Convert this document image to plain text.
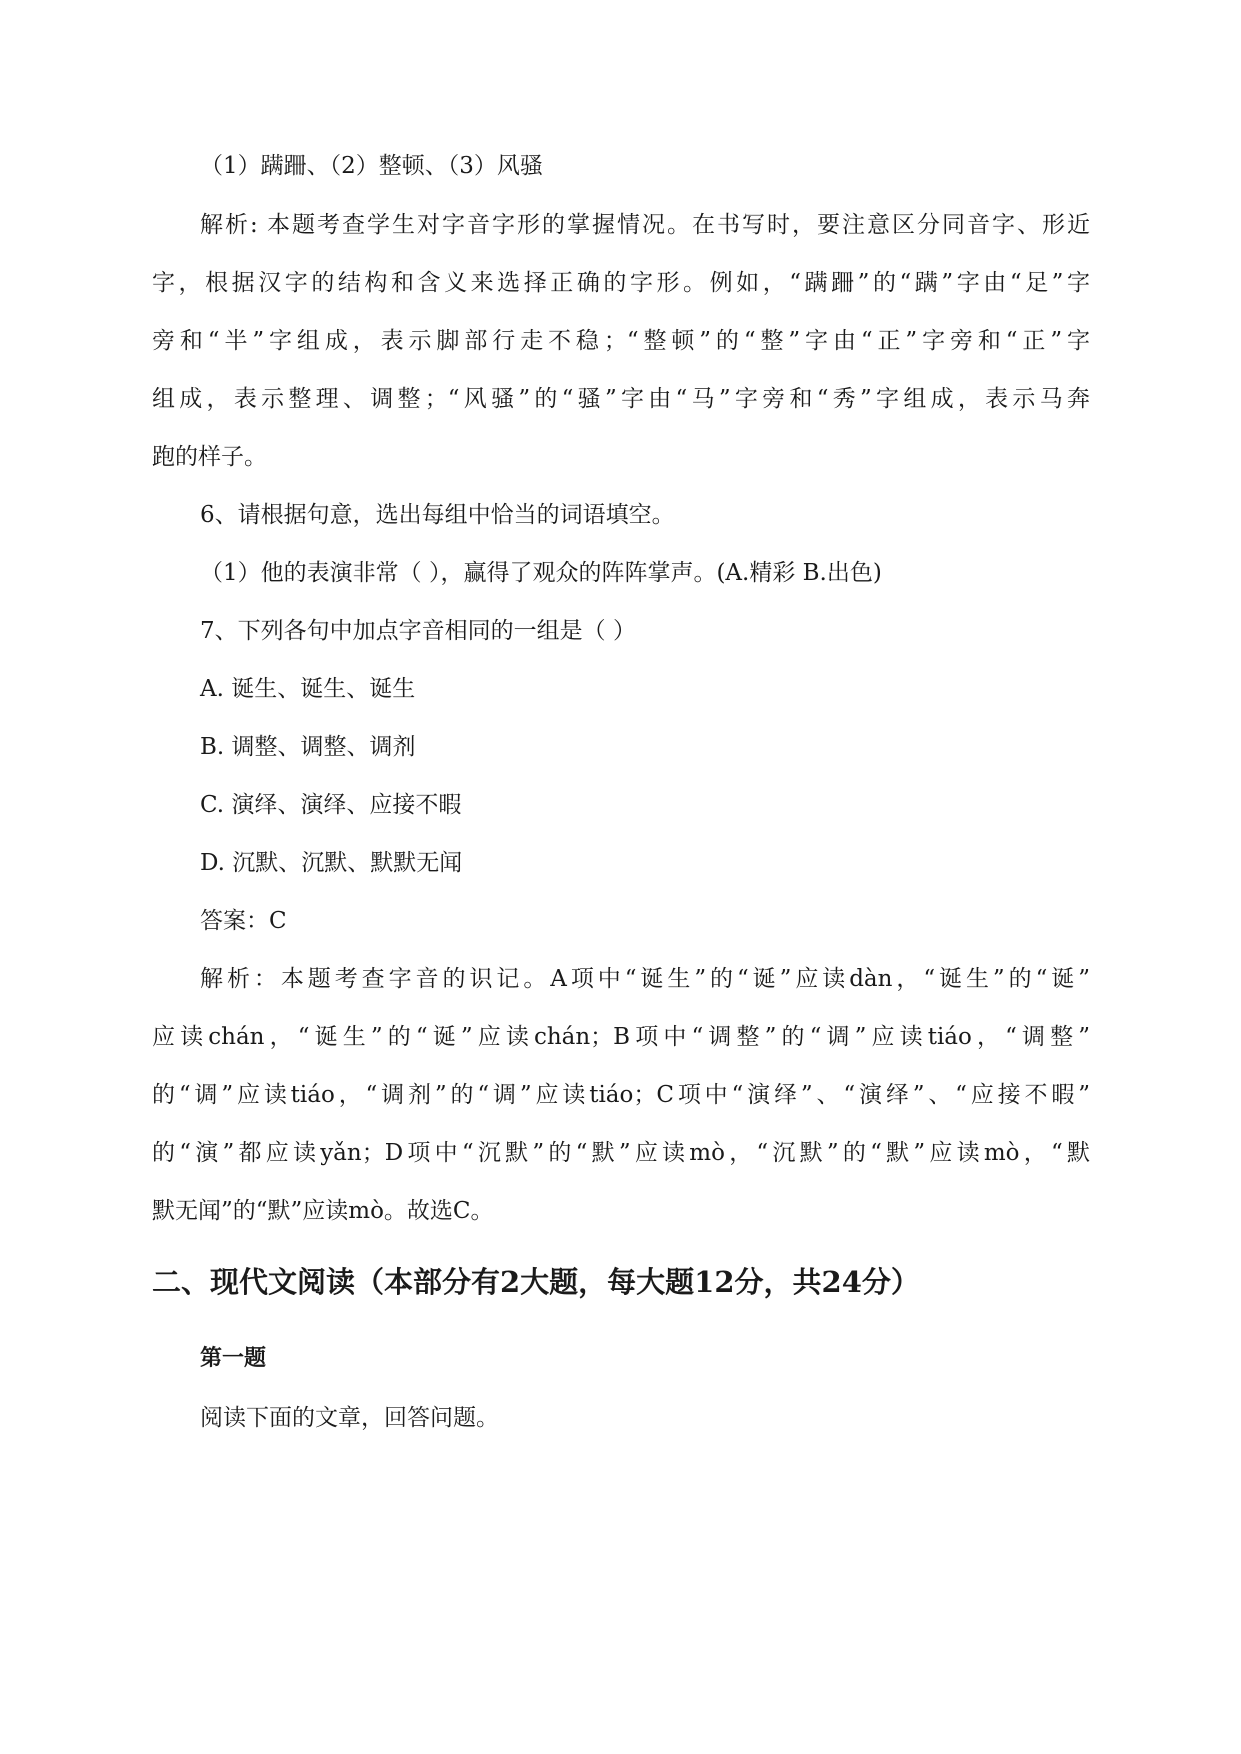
（1）蹒跚、（2）整顿、（3）风骚
解析: 本题考查学生对字音字形的掌握情况。在书写时，要注意区分同音字、形近
字，根据汉字的结构和含义来选择正确的字形。例如，“蹒跚”的“蹒”字由“足”字
旁和“半”字组成，表示脚部行走不稳；“整顿”的“整”字由“正”字旁和“正”字
组成，表示整理、调整；“风骚”的“骚”字由“马”字旁和“秀”字组成，表示马奔
跑的样子。
6、请根据句意，选出每组中恰当的词语填空。
（1）他的表演非常（ ），赢得了观众的阵阵掌声。(A.精彩 B.出色)
7、下列各句中加点字音相同的一组是（ ）
A. 诞生、诞生、诞生
B. 调整、调整、调剂
C. 演绎、演绎、应接不暇
D. 沉默、沉默、默默无闻
答案：C
解析：本题考查字音的识记。A项中“诞生”的“诞”应读dàn，“诞生”的“诞”
应读chán，“诞生”的“诞”应读chán；B项中“调整”的“调”应读tiáo，“调整”
的“调”应读tiáo，“调剂”的“调”应读tiáo；C项中“演绎”、“演绎”、“应接不暇”
的“演”都应读yǎn；D项中“沉默”的“默”应读mò，“沉默”的“默”应读mò，“默
默无闻”的“默”应读mò。故选C。
二、现代文阅读（本部分有2大题，每大题12分，共24分）
第一题
阅读下面的文章，回答问题。
